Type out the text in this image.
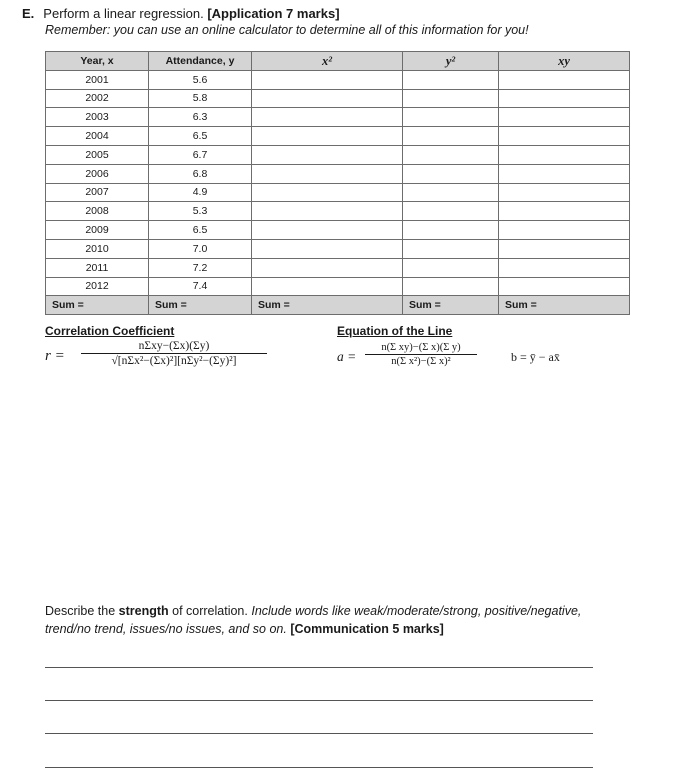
E. Perform a linear regression. [Application 7 marks]
Remember: you can use an online calculator to determine all of this information for you!
Year, x	Attendance, y	x²	y²	xy
2001	5.6			
2002	5.8			
2003	6.3			
2004	6.5			
2005	6.7			
2006	6.8			
2007	4.9			
2008	5.3			
2009	6.5			
2010	7.0			
2011	7.2			
2012	7.4			
Sum =	Sum =	Sum =	Sum =	Sum =
Correlation Coefficient	Equation of the Line
r =
nΣxy−(Σx)(Σy)
√[nΣx²−(Σx)²][nΣy²−(Σy)²]	$a = \frac{\text{n(Σ xy)−(Σ x)(Σ y)}}{\text{n(Σ x²)−(Σ x)²}}$	b = ȳ − ax̄
Describe the strength of correlation. Include words like weak/moderate/strong, positive/negative, trend/no trend, issues/no issues, and so on. [Communication 5 marks]
